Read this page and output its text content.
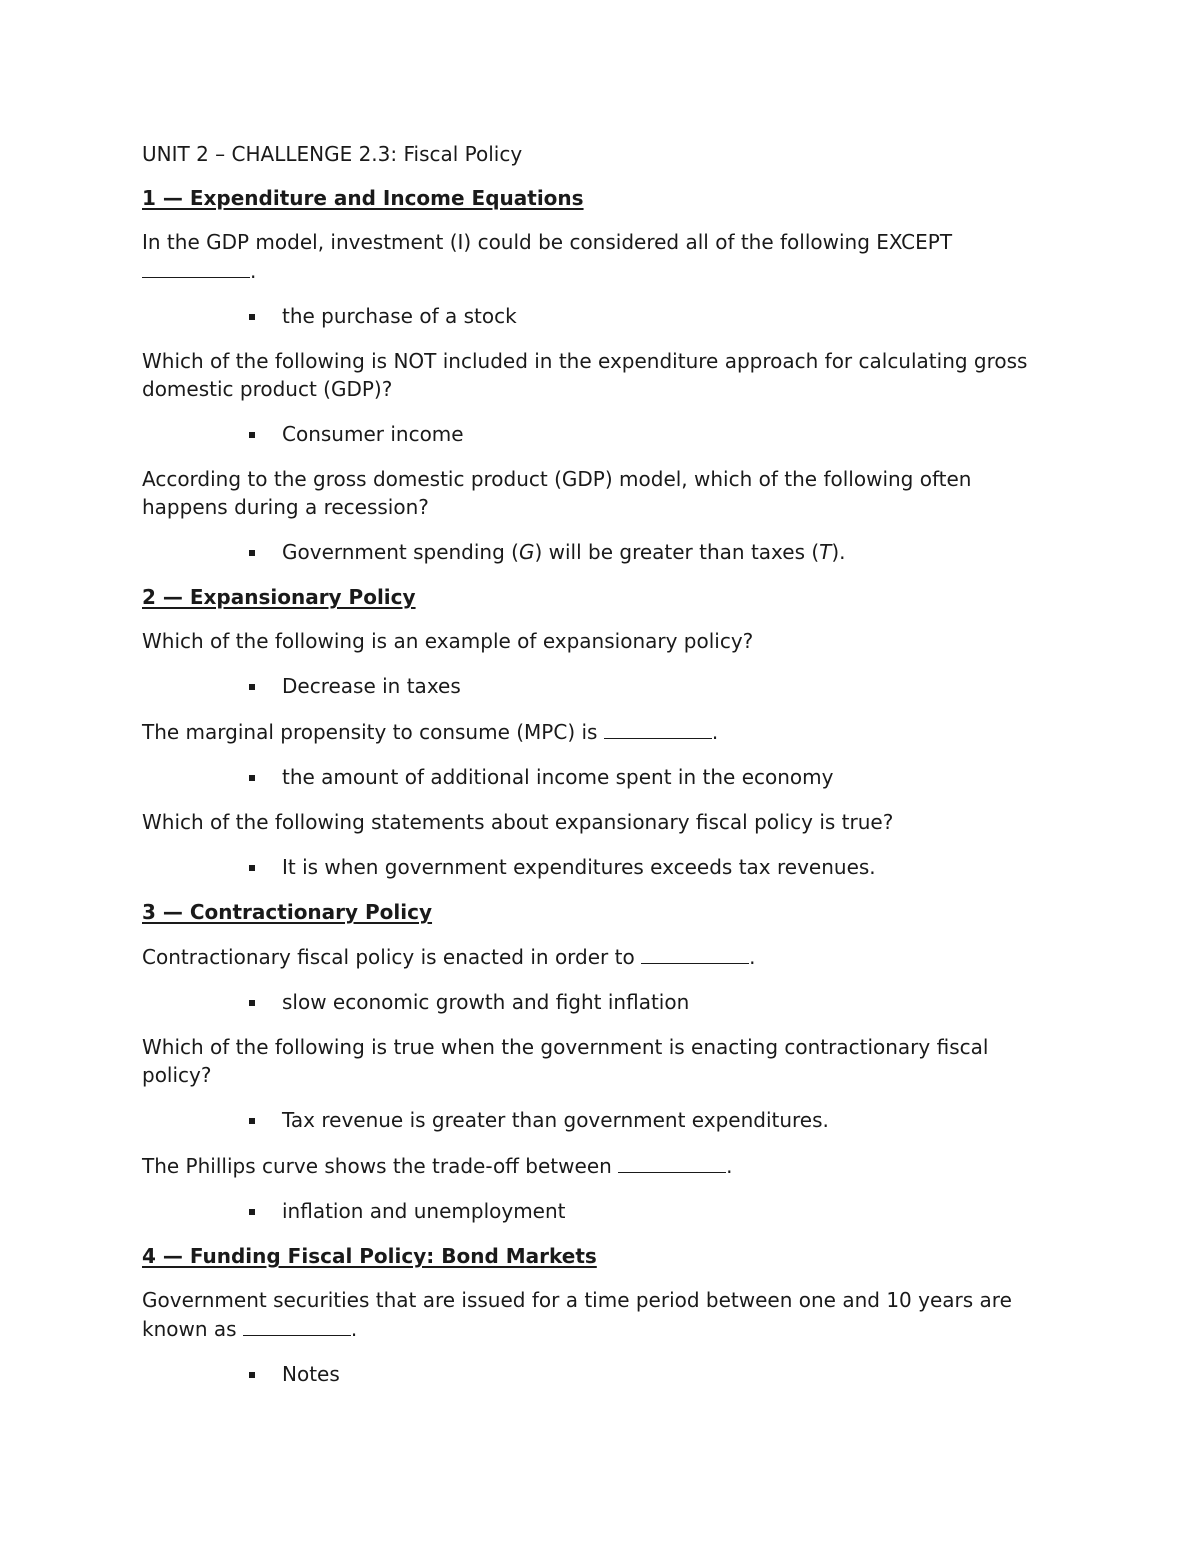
UNIT 2 – CHALLENGE 2.3: Fiscal Policy

1 — Expenditure and Income Equations

In the GDP model, investment (I) could be considered all of the following EXCEPT
.

the purchase of a stock

Which of the following is NOT included in the expenditure approach for calculating gross domestic product (GDP)?

Consumer income

According to the gross domestic product (GDP) model, which of the following often happens during a recession?

Government spending (G) will be greater than taxes (T).

2 — Expansionary Policy

Which of the following is an example of expansionary policy?

Decrease in taxes

The marginal propensity to consume (MPC) is	.

the amount of additional income spent in the economy

Which of the following statements about expansionary fiscal policy is true?

It is when government expenditures exceeds tax revenues.

3 — Contractionary Policy

Contractionary fiscal policy is enacted in order to	.

slow economic growth and fight inflation

Which of the following is true when the government is enacting contractionary fiscal policy?

Tax revenue is greater than government expenditures.

The Phillips curve shows the trade-off between	.

inflation and unemployment

4 — Funding Fiscal Policy: Bond Markets

Government securities that are issued for a time period between one and 10 years are known as	.

Notes
